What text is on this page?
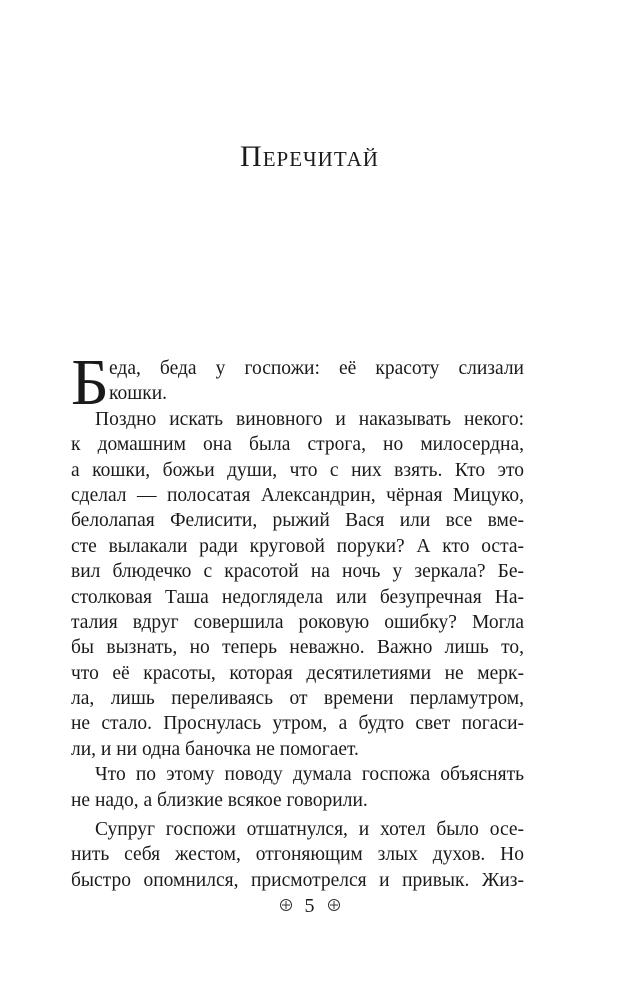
Перечитай
Б еда, беда у госпожи: её красоту слизали
кошки.
Поздно искать виновного и наказывать некого:
к домашним она была строга, но милосердна,
а кошки, божьи души, что с них взять. Кто это
сделал — полосатая Александрин, чёрная Мицуко,
белолапая Фелисити, рыжий Вася или все вме-
сте вылакали ради круговой поруки? А кто оста-
вил блюдечко с красотой на ночь у зеркала? Бе-
столковая Таша недоглядела или безупречная На-
талия вдруг совершила роковую ошибку? Могла
бы вызнать, но теперь неважно. Важно лишь то,
что её красоты, которая десятилетиями не мерк-
ла, лишь переливаясь от времени перламутром,
не стало. Проснулась утром, а будто свет погаси-
ли, и ни одна баночка не помогает.
Что по этому поводу думала госпожа объяснять
не надо, а близкие всякое говорили.
Супруг госпожи отшатнулся, и хотел было осе-
нить себя жестом, отгоняющим злых духов. Но
быстро опомнился, присмотрелся и привык. Жиз-
5
